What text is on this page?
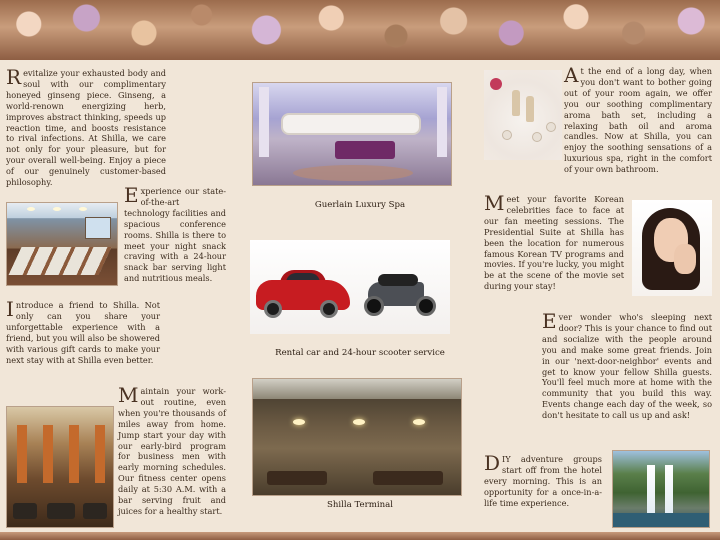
Revitalize your exhausted body and soul with our complimentary honeyed ginseng piece. Ginseng, a world-renown energizing herb, improves abstract thinking, speeds up reaction time, and boosts resistance to rival infections. At Shilla, we care not only for your pleasure, but for your overall well-being. Enjoy a piece of our genuinely customer-based philosophy.
Experience our state-of-the-art technology facilities and spacious conference rooms. Shilla is there to meet your night snack craving with a 24-hour snack bar serving light and nutritious meals.
Introduce a friend to Shilla. Not only can you share your unforgettable experience with a friend, but you will also be showered with various gift cards to make your next stay with at Shilla even better.
Maintain your work-out routine, even when you're thousands of miles away from home. Jump start your day with our early-bird program for business men with early morning schedules. Our fitness center opens daily at 5:30 A.M. with a bar serving fruit and juices for a healthy start.
Guerlain Luxury Spa
Rental car and 24-hour scooter service
Shilla Terminal
At the end of a long day, when you don't want to bother going out of your room again, we offer you our soothing complimentary aroma bath set, including a relaxing bath oil and aroma candles. Now at Shilla, you can enjoy the soothing sensations of a luxurious spa, right in the comfort of your own bathroom.
Meet your favorite Korean celebrities face to face at our fan meeting sessions. The Presidential Suite at Shilla has been the location for numerous famous Korean TV programs and movies. If you're lucky, you might be at the scene of the movie set during your stay!
Ever wonder who's sleeping next door? This is your chance to find out and socialize with the people around you and make some great friends. Join in our 'next-door-neighbor' events and get to know your fellow Shilla guests. You'll feel much more at home with the community that you build this way. Events change each day of the week, so don't hesitate to call us up and ask!
DIY adventure groups start off from the hotel every morning. This is an opportunity for a once-in-a-life time experience.
